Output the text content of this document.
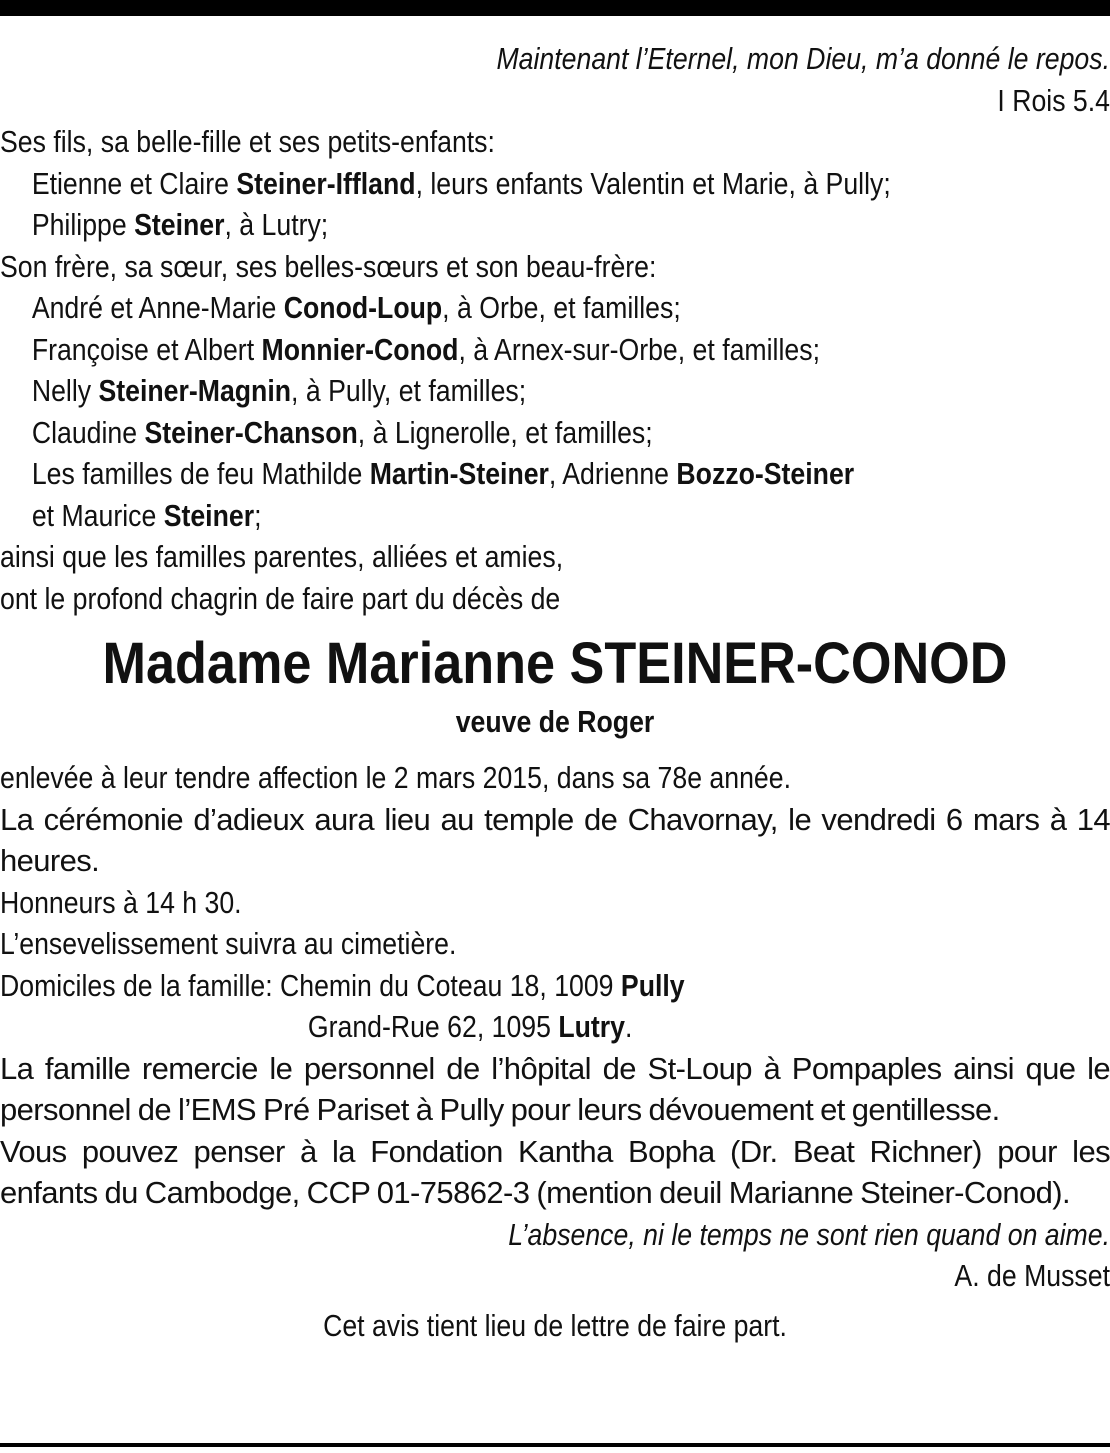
Maintenant l’Eternel, mon Dieu, m’a donné le repos.
I Rois 5.4
Ses fils, sa belle-fille et ses petits-enfants:
Etienne et Claire Steiner-Iffland, leurs enfants Valentin et Marie, à Pully;
Philippe Steiner, à Lutry;
Son frère, sa sœur, ses belles-sœurs et son beau-frère:
André et Anne-Marie Conod-Loup, à Orbe, et familles;
Françoise et Albert Monnier-Conod, à Arnex-sur-Orbe, et familles;
Nelly Steiner-Magnin, à Pully, et familles;
Claudine Steiner-Chanson, à Lignerolle, et familles;
Les familles de feu Mathilde Martin-Steiner, Adrienne Bozzo-Steiner
et Maurice Steiner;
ainsi que les familles parentes, alliées et amies,
ont le profond chagrin de faire part du décès de
Madame Marianne STEINER-CONOD
veuve de Roger
enlevée à leur tendre affection le 2 mars 2015, dans sa 78e année.
La cérémonie d’adieux aura lieu au temple de Chavornay, le vendredi 6 mars à 14 heures.
Honneurs à 14 h 30.
L’ensevelissement suivra au cimetière.
Domiciles de la famille: Chemin du Coteau 18, 1009 Pully
Grand-Rue 62, 1095 Lutry.
La famille remercie le personnel de l’hôpital de St-Loup à Pompaples ainsi que le personnel de l’EMS Pré Pariset à Pully pour leurs dévouement et gentillesse.
Vous pouvez penser à la Fondation Kantha Bopha (Dr. Beat Richner) pour les enfants du Cambodge, CCP 01-75862-3 (mention deuil Marianne Steiner-Conod).
L’absence, ni le temps ne sont rien quand on aime.
A. de Musset
Cet avis tient lieu de lettre de faire part.
